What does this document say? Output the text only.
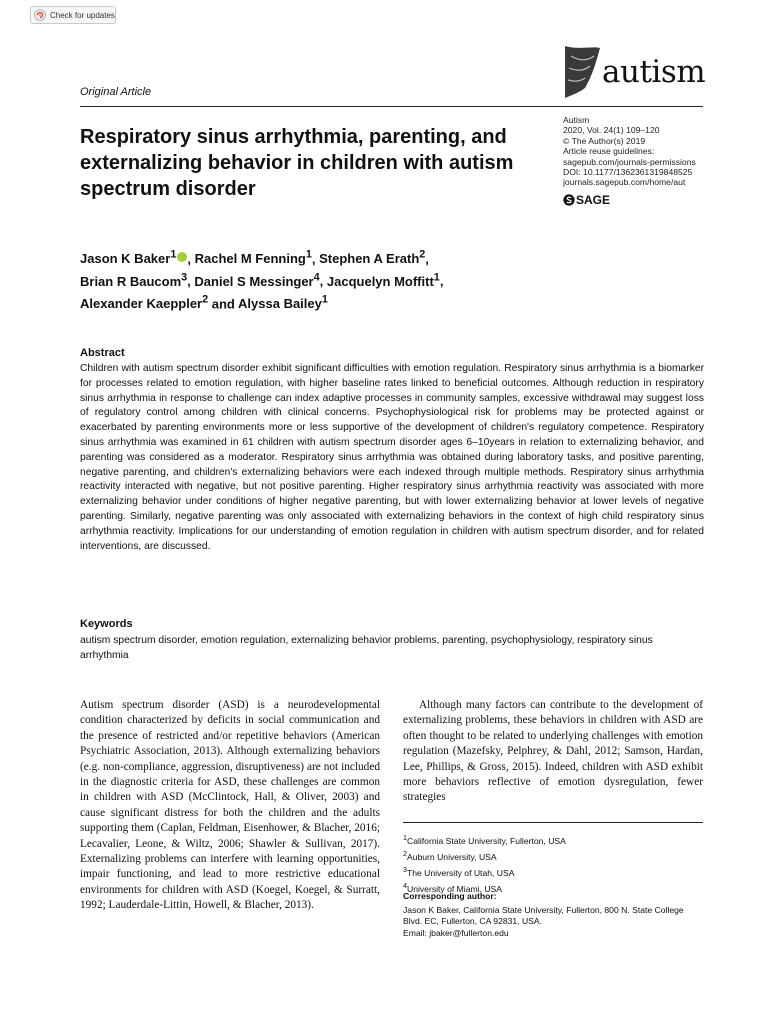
Check for updates
Original Article
autism
Autism
2020, Vol. 24(1) 109–120
© The Author(s) 2019
Article reuse guidelines:
sagepub.com/journals-permissions
DOI: 10.1177/1362361319848525
journals.sagepub.com/home/aut
SAGE
Respiratory sinus arrhythmia, parenting, and externalizing behavior in children with autism spectrum disorder
Jason K Baker$^1$ , Rachel M Fenning$^1$, Stephen A Erath$^2$,
Brian R Baucom$^3$, Daniel S Messinger$^4$, Jacquelyn Moffitt$^1$,
Alexander Kaeppler$^2$ and Alyssa Bailey$^1$
Abstract
Children with autism spectrum disorder exhibit significant difficulties with emotion regulation. Respiratory sinus arrhythmia is a biomarker for processes related to emotion regulation, with higher baseline rates linked to beneficial outcomes. Although reduction in respiratory sinus arrhythmia in response to challenge can index adaptive processes in community samples, excessive withdrawal may suggest loss of regulatory control among children with clinical concerns. Psychophysiological risk for problems may be protected against or exacerbated by parenting environments more or less supportive of the development of children's regulatory competence. Respiratory sinus arrhythmia was examined in 61 children with autism spectrum disorder ages 6–10years in relation to externalizing behavior, and parenting was considered as a moderator. Respiratory sinus arrhythmia was obtained during laboratory tasks, and positive parenting, negative parenting, and children's externalizing behaviors were each indexed through multiple methods. Respiratory sinus arrhythmia reactivity interacted with negative, but not positive parenting. Higher respiratory sinus arrhythmia reactivity was associated with more externalizing behavior under conditions of higher negative parenting, but with lower externalizing behavior at lower levels of negative parenting. Similarly, negative parenting was only associated with externalizing behaviors in the context of high child respiratory sinus arrhythmia reactivity. Implications for our understanding of emotion regulation in children with autism spectrum disorder, and for related interventions, are discussed.
Keywords
autism spectrum disorder, emotion regulation, externalizing behavior problems, parenting, psychophysiology, respiratory sinus arrhythmia

Autism spectrum disorder (ASD) is a neurodevelopmental condition characterized by deficits in social communication and the presence of restricted and/or repetitive behaviors (American Psychiatric Association, 2013). Although externalizing behaviors (e.g. non-compliance, aggression, disruptiveness) are not included in the diagnostic criteria for ASD, these challenges are common in children with ASD (McClintock, Hall, & Oliver, 2003) and cause significant distress for both the children and the adults supporting them (Caplan, Feldman, Eisenhower, & Blacher, 2016; Lecavalier, Leone, & Wiltz, 2006; Shawler & Sullivan, 2017). Externalizing problems can interfere with learning opportunities, impair functioning, and lead to more restrictive educational environments for children with ASD (Koegel, Koegel, & Surratt, 1992; Lauderdale-Littin, Howell, & Blacher, 2013).

Although many factors can contribute to the development of externalizing problems, these behaviors in children with ASD are often thought to be related to underlying challenges with emotion regulation (Mazefsky, Pelphrey, & Dahl, 2012; Samson, Hardan, Lee, Phillips, & Gross, 2015). Indeed, children with ASD exhibit more behaviors reflective of emotion dysregulation, fewer strategies

$^1$California State University, Fullerton, USA
$^2$Auburn University, USA
$^3$The University of Utah, USA
$^4$University of Miami, USA
Corresponding author:
Jason K Baker, California State University, Fullerton, 800 N. State College Blvd. EC, Fullerton, CA 92831, USA.
Email: jbaker@fullerton.edu
